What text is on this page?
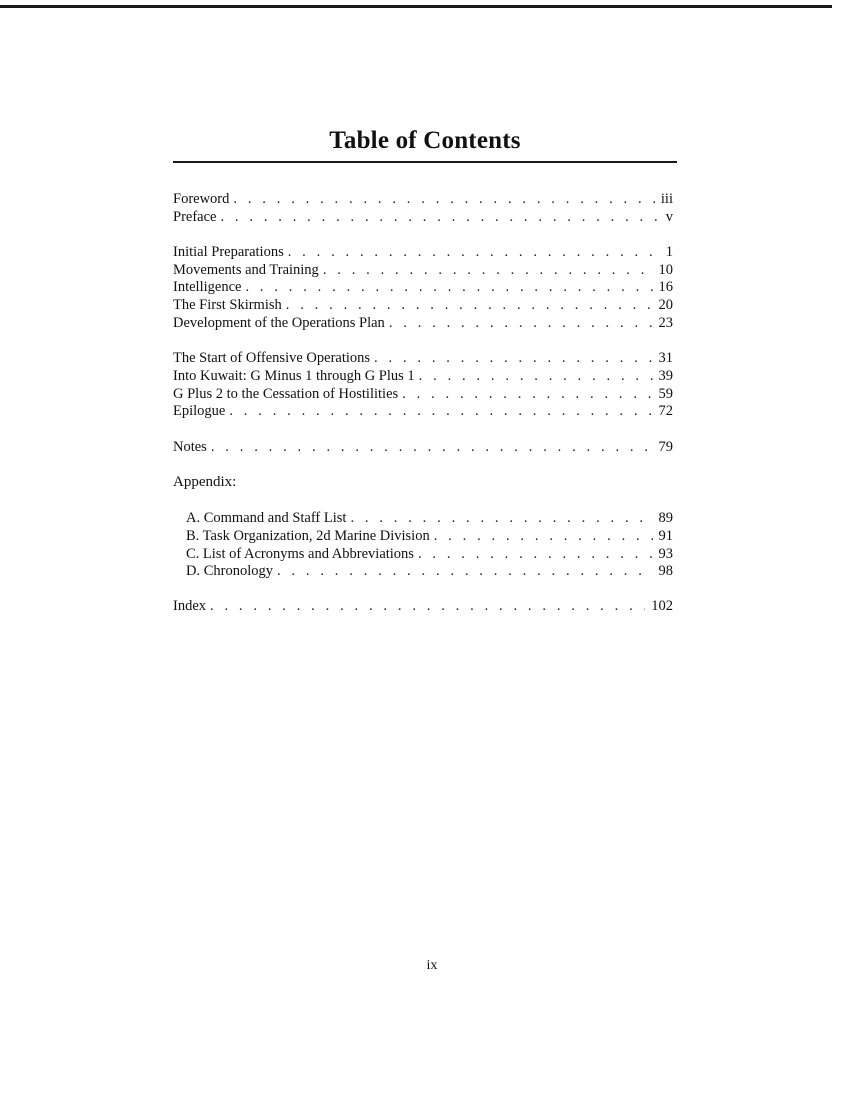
Table of Contents
Foreword . . .	iii
Preface . . .	v
Initial Preparations . . .	1
Movements and Training . . .	10
Intelligence . . .	16
The First Skirmish . . .	20
Development of the Operations Plan . . .	23
The Start of Offensive Operations . . .	31
Into Kuwait: G Minus 1 through G Plus 1 . . .	39
G Plus 2 to the Cessation of Hostilities . . .	59
Epilogue . . .	72
Notes . . .	79
Appendix:
A. Command and Staff List . . .	89
B. Task Organization, 2d Marine Division . . .	91
C. List of Acronyms and Abbreviations . . .	93
D. Chronology . . .	98
Index . . .	102
ix
